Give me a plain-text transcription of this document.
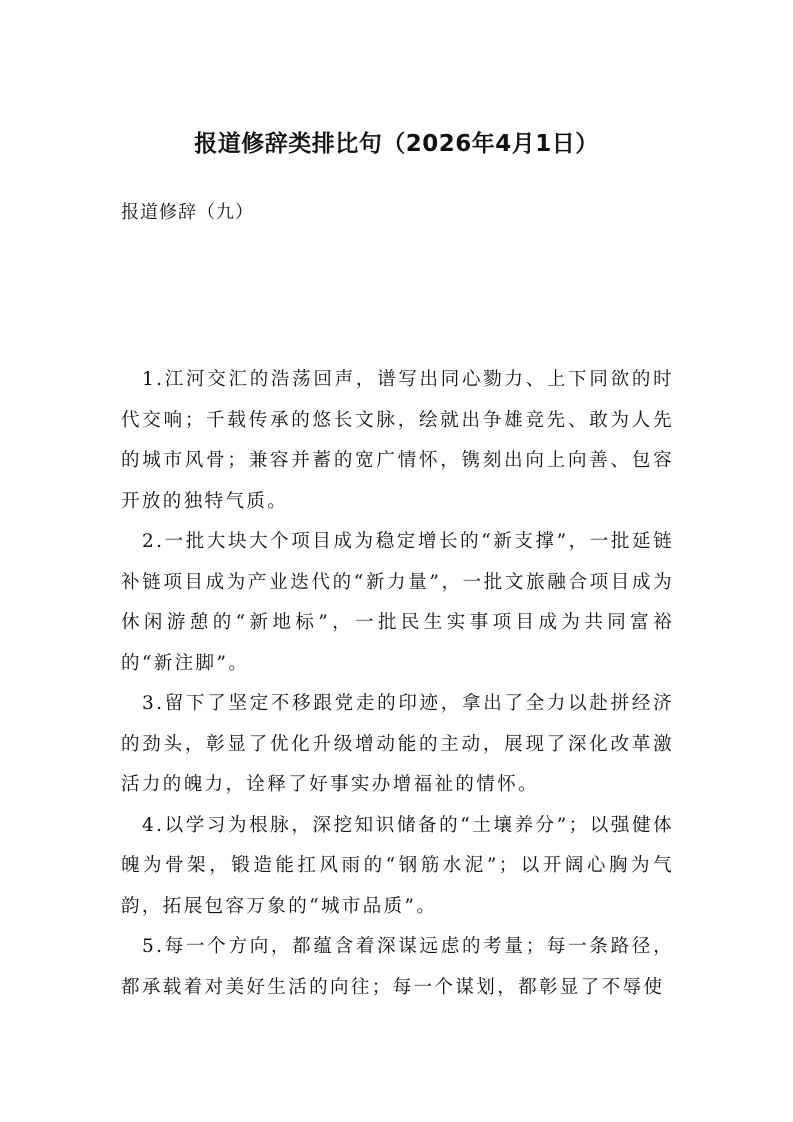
报道修辞类排比句（2026年4月1日）
报道修辞（九）

1.江河交汇的浩荡回声，谱写出同心勠力、上下同欲的时代交响；千载传承的悠长文脉，绘就出争雄竞先、敢为人先的城市风骨；兼容并蓄的宽广情怀，镌刻出向上向善、包容开放的独特气质。

2.一批大块大个项目成为稳定增长的“新支撑”，一批延链补链项目成为产业迭代的“新力量”，一批文旅融合项目成为休闲游憩的“新地标”，一批民生实事项目成为共同富裕的“新注脚”。

3.留下了坚定不移跟党走的印迹，拿出了全力以赴拼经济的劲头，彰显了优化升级增动能的主动，展现了深化改革激活力的魄力，诠释了好事实办增福祉的情怀。

4.以学习为根脉，深挖知识储备的“土壤养分”；以强健体魄为骨架，锻造能扛风雨的“钢筋水泥”；以开阔心胸为气韵，拓展包容万象的“城市品质”。

5.每一个方向，都蕴含着深谋远虑的考量；每一条路径，都承载着对美好生活的向往；每一个谋划，都彰显了不辱使
